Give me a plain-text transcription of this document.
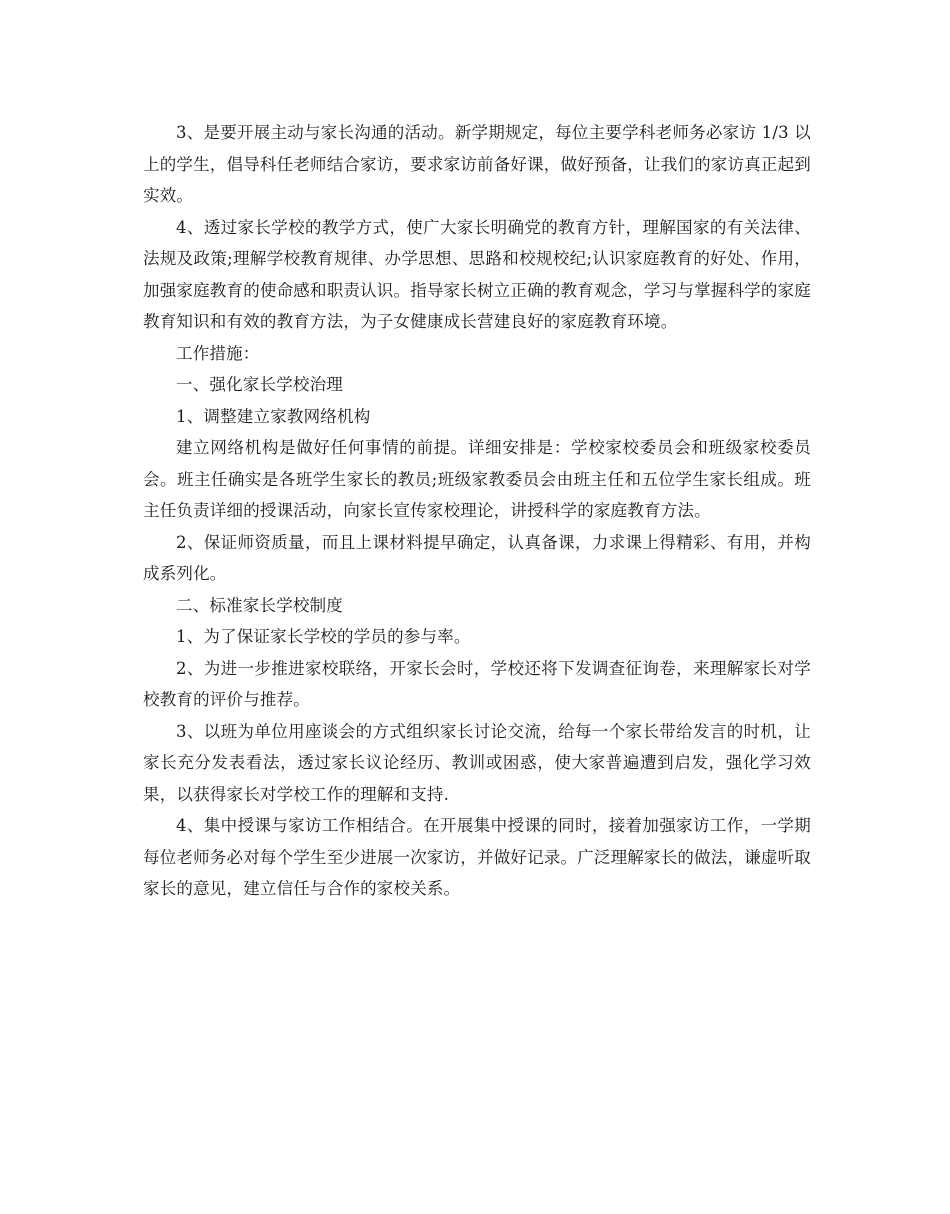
3、是要开展主动与家长沟通的活动。新学期规定，每位主要学科老师务必家访 1/3 以上的学生，倡导科任老师结合家访，要求家访前备好课，做好预备，让我们的家访真正起到实效。

4、透过家长学校的教学方式，使广大家长明确党的教育方针，理解国家的有关法律、法规及政策;理解学校教育规律、办学思想、思路和校规校纪;认识家庭教育的好处、作用，加强家庭教育的使命感和职责认识。指导家长树立正确的教育观念，学习与掌握科学的家庭教育知识和有效的教育方法，为子女健康成长营建良好的家庭教育环境。

工作措施：

一、强化家长学校治理

1、调整建立家教网络机构

建立网络机构是做好任何事情的前提。详细安排是：学校家校委员会和班级家校委员会。班主任确实是各班学生家长的教员;班级家教委员会由班主任和五位学生家长组成。班主任负责详细的授课活动，向家长宣传家校理论，讲授科学的家庭教育方法。

2、保证师资质量，而且上课材料提早确定，认真备课，力求课上得精彩、有用，并构成系列化。

二、标准家长学校制度

1、为了保证家长学校的学员的参与率。

2、为进一步推进家校联络，开家长会时，学校还将下发调查征询卷，来理解家长对学校教育的评价与推荐。

3、以班为单位用座谈会的方式组织家长讨论交流，给每一个家长带给发言的时机，让家长充分发表看法，透过家长议论经历、教训或困惑，使大家普遍遭到启发，强化学习效果，以获得家长对学校工作的理解和支持.

4、集中授课与家访工作相结合。在开展集中授课的同时，接着加强家访工作，一学期每位老师务必对每个学生至少进展一次家访，并做好记录。广泛理解家长的做法，谦虚听取家长的意见，建立信任与合作的家校关系。
